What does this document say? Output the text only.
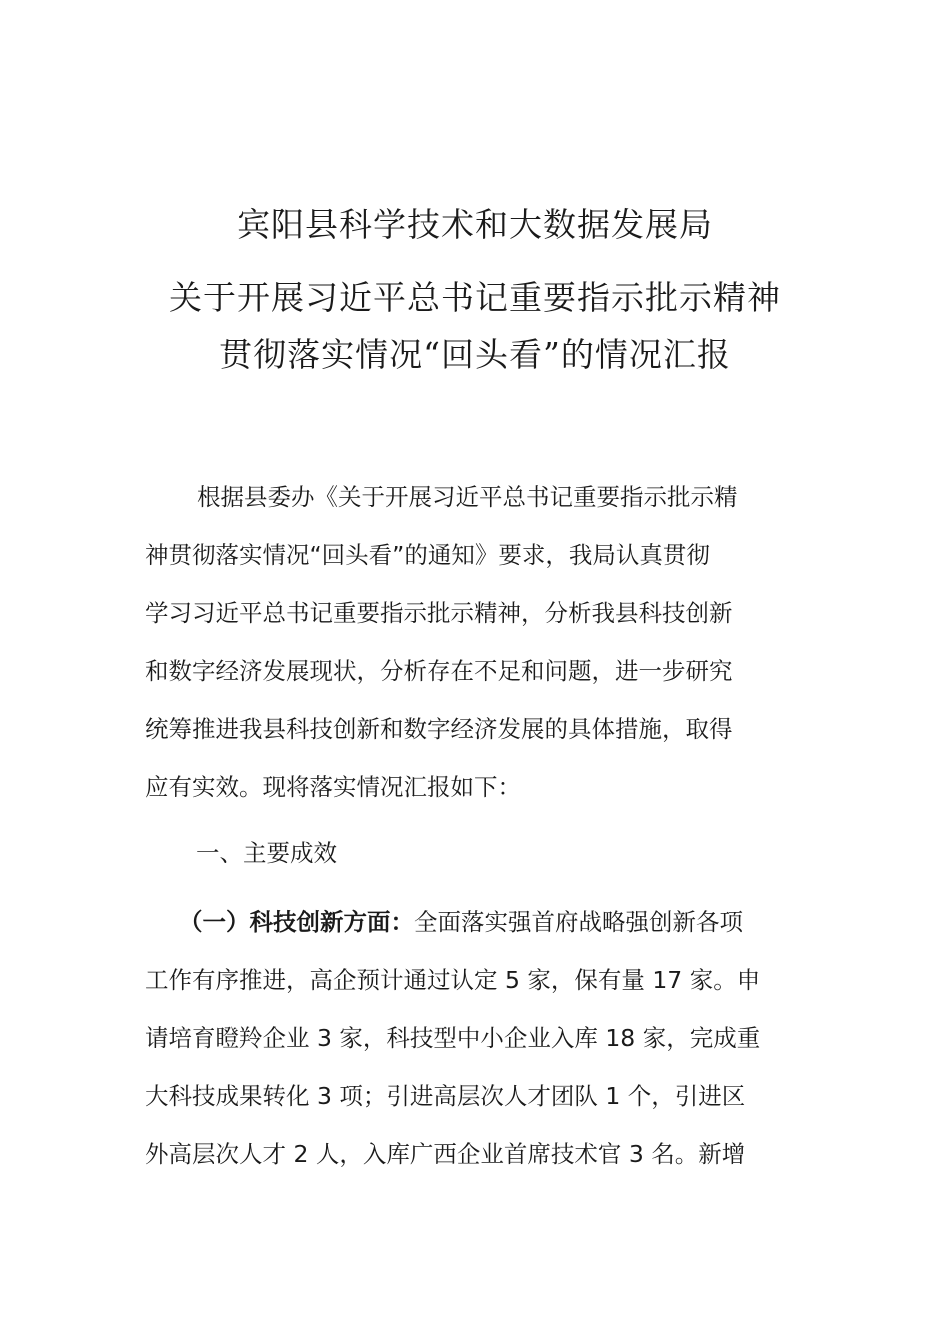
宾阳县科学技术和大数据发展局
关于开展习近平总书记重要指示批示精神
贯彻落实情况“回头看”的情况汇报
根据县委办《关于开展习近平总书记重要指示批示精
神贯彻落实情况“回头看”的通知》要求，我局认真贯彻
学习习近平总书记重要指示批示精神，分析我县科技创新
和数字经济发展现状，分析存在不足和问题，进一步研究
统筹推进我县科技创新和数字经济发展的具体措施，取得
应有实效。现将落实情况汇报如下：
一、主要成效
（一）科技创新方面：全面落实强首府战略强创新各项
工作有序推进，高企预计通过认定 5 家，保有量 17 家。申
请培育瞪羚企业 3 家，科技型中小企业入库 18 家，完成重
大科技成果转化 3 项；引进高层次人才团队 1 个，引进区
外高层次人才 2 人，入库广西企业首席技术官 3 名。新增
